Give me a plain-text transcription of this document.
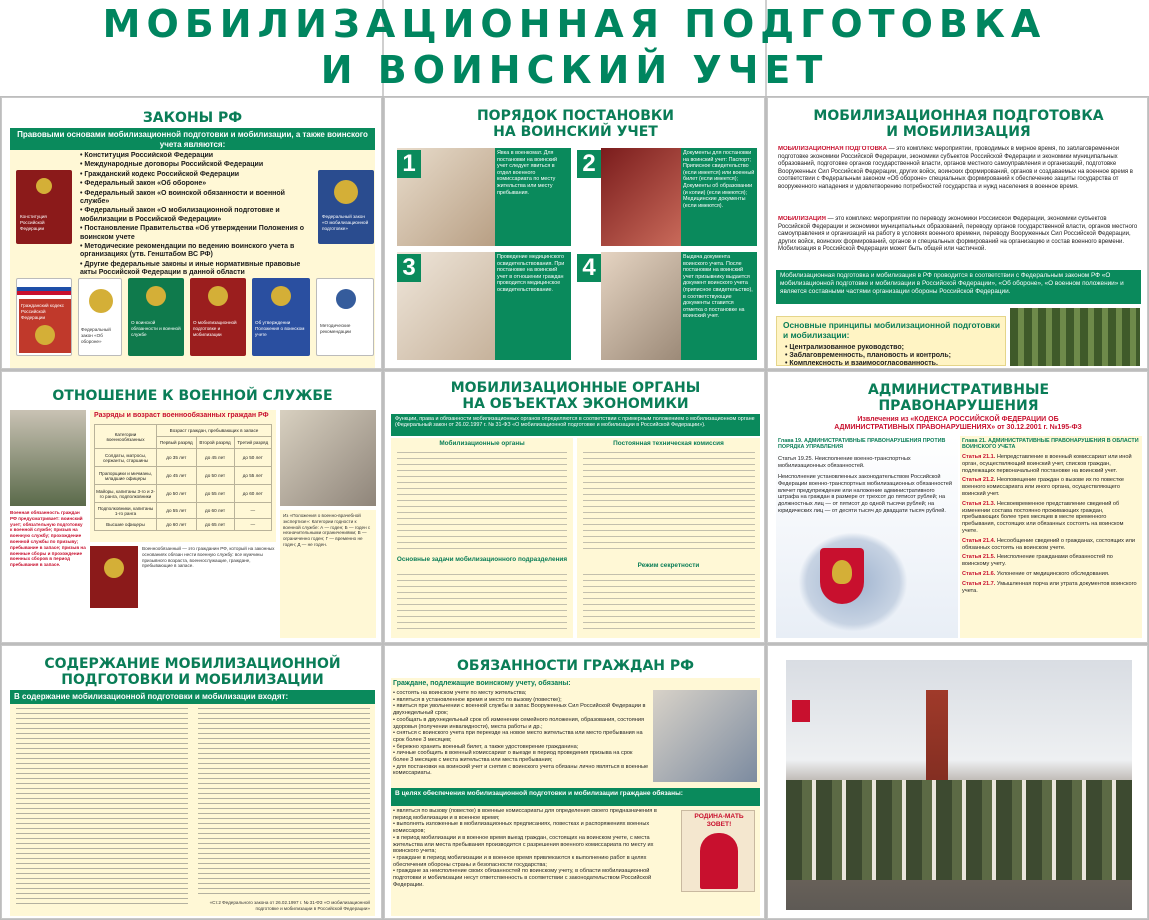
МОБИЛИЗАЦИОННАЯ ПОДГОТОВКА
И ВОИНСКИЙ УЧЕТ
ЗАКОНЫ РФ
Правовыми основами мобилизационной подготовки и мобилизации, а также воинского учета являются:
• Конституция Российской Федерации
• Международные договоры Российской Федерации
• Гражданский кодекс Российской Федерации
• Федеральный закон «Об обороне»
• Федеральный закон «О воинской обязанности и военной службе»
• Федеральный закон «О мобилизационной подготовке и мобилизации в Российской Федерации»
• Постановление Правительства «Об утверждении Положения о воинском учете
• Методические рекомендации по ведению воинского учета в организациях (утв. Генштабом ВС РФ)
• Другие федеральные законы и иные нормативные правовые акты Российской Федерации в данной области
Конституция Российской Федерации
Федеральный закон «О мобилизационной подготовке»
Гражданский кодекс Российской Федерации
Федеральный закон «Об обороне»
О воинской обязанности и военной службе
О мобилизационной подготовке и мобилизации
Об утверждении Положения о воинском учете
Методические рекомендации
ПОРЯДОК ПОСТАНОВКИ
НА ВОИНСКИЙ УЧЕТ
1	Явка в военкомат. Для постановки на воинский учет следует явиться в отдел военного комиссариата по месту жительства или месту пребывания.
2	Документы для постановки на воинский учет: Паспорт; Приписное свидетельство (если имеется) или военный билет (если имеется); Документы об образовании (и копии) (если имеются); Медицинские документы (если имеются).
3	Проведение медицинского освидетельствования. При постановке на воинский учет в отношении граждан проводится медицинское освидетельствование.
4	Выдача документа воинского учета. После постановки на воинский учет призывнику выдается документ воинского учета (приписное свидетельство), в соответствующие документы ставится отметка о постановке на воинский учет.
МОБИЛИЗАЦИОННАЯ ПОДГОТОВКА
И МОБИЛИЗАЦИЯ
МОБИЛИЗАЦИОННАЯ ПОДГОТОВКА — это комплекс мероприятий, проводимых в мирное время, по заблаговременной подготовке экономики Российской Федерации, экономики субъектов Российской Федерации и экономики муниципальных образований, подготовке органов государственной власти, органов местного самоуправления и организаций, подготовке Вооруженных Сил Российской Федерации, других войск, воинских формирований, органов и создаваемых на военное время в соответствии с Федеральным законом «Об обороне» специальных формирований к обеспечению защиты государства от вооруженного нападения и удовлетворению потребностей государства и нужд населения в военное время.
МОБИЛИЗАЦИЯ — это комплекс мероприятий по переводу экономики Российской Федерации, экономики субъектов Российской Федерации и экономики муниципальных образований, переводу органов государственной власти, органов местного самоуправления и организаций на работу в условиях военного времени, переводу Вооруженных Сил Российской Федерации, других войск, воинских формирований, органов и специальных формирований на организацию и состав военного времени. Мобилизация в Российской Федерации может быть общей или частичной.
Мобилизационная подготовка и мобилизация в РФ проводится в соответствии с Федеральным законом РФ «О мобилизационной подготовке и мобилизации в Российской Федерации», «Об обороне», «О военном положении» и является составными частями организации обороны Российской Федерации.
Основные принципы мобилизационной подготовки и мобилизации:
• Централизованное руководство;
• Заблаговременность, плановость и контроль;
• Комплексность и взаимосогласованность.
ОТНОШЕНИЕ К ВОЕННОЙ СЛУЖБЕ
Разряды и возраст военнообязанных граждан РФ
Категории военнообязанных	Возраст граждан, пребывающих в запасе		
	Первый разряд	Второй разряд	Третий разряд
Солдаты, матросы, сержанты, старшины	до 35 лет	до 45 лет	до 50 лет
Прапорщики и мичманы, младшие офицеры	до 45 лет	до 50 лет	до 55 лет
Майоры, капитаны 3-го и 2-го ранга, подполковники	до 50 лет	до 55 лет	до 60 лет
Подполковники, капитаны 1-го ранга	до 55 лет	до 60 лет	—
Высшие офицеры	до 60 лет	до 65 лет	—
Военная обязанность граждан РФ предусматривает: воинский учет; обязательную подготовку к военной службе; призыв на военную службу; прохождение военной службы по призыву; пребывание в запасе; призыв на военные сборы и прохождение военных сборов в период пребывания в запасе.
Военнообязанный — это гражданин РФ, который на законных основаниях обязан нести военную службу: все мужчины призывного возраста, военнослужащие, граждане, пребывающие в запасе.
Из «Положения о военно-врачебной экспертизе»: Категории годности к военной службе: А — годен; Б — годен с незначительными ограничениями; В — ограниченно годен; Г — временно не годен; Д — не годен.
МОБИЛИЗАЦИОННЫЕ ОРГАНЫ
НА ОБЪЕКТАХ ЭКОНОМИКИ
Функции, права и обязанности мобилизационных органов определяются в соответствии с примерным положением о мобилизационном органе (Федеральный закон от 26.02.1997 г. № 31-ФЗ «О мобилизационной подготовке и мобилизации в Российской Федерации»).
Мобилизационные органы	Постоянная техническая комиссия
Основные задачи мобилизационного подразделения
Режим секретности
АДМИНИСТРАТИВНЫЕ
ПРАВОНАРУШЕНИЯ
Извлечения из «КОДЕКСА РОССИЙСКОЙ ФЕДЕРАЦИИ ОБ АДМИНИСТРАТИВНЫХ ПРАВОНАРУШЕНИЯХ» от 30.12.2001 г. №195-ФЗ
Глава 19. АДМИНИСТРАТИВНЫЕ ПРАВОНАРУШЕНИЯ ПРОТИВ ПОРЯДКА УПРАВЛЕНИЯ
Глава 21. АДМИНИСТРАТИВНЫЕ ПРАВОНАРУШЕНИЯ В ОБЛАСТИ ВОИНСКОГО УЧЕТА
Статья 19.25. Неисполнение военно-транспортных мобилизационных обязанностей.
Неисполнение установленных законодательством Российской Федерации военно-транспортных мобилизационных обязанностей влечет предупреждение или наложение административного штрафа на граждан в размере от трехсот до пятисот рублей; на должностных лиц — от пятисот до одной тысячи рублей; на юридических лиц — от десяти тысяч до двадцати тысяч рублей.
Статья 21.1. Непредставление в военный комиссариат или иной орган, осуществляющий воинский учет, списков граждан, подлежащих первоначальной постановке на воинский учет.
Статья 21.2. Неоповещение граждан о вызове их по повестке военного комиссариата или иного органа, осуществляющего воинский учет.
Статья 21.3. Несвоевременное представление сведений об изменении состава постоянно проживающих граждан, пребывающих более трех месяцев в месте временного пребывания, состоящих или обязанных состоять на воинском учете.
Статья 21.4. Несообщение сведений о гражданах, состоящих или обязанных состоять на воинском учете.
Статья 21.5. Неисполнение гражданами обязанностей по воинскому учету.
Статья 21.6. Уклонение от медицинского обследования.
Статья 21.7. Умышленная порча или утрата документов воинского учета.
СОДЕРЖАНИЕ МОБИЛИЗАЦИОННОЙ
ПОДГОТОВКИ И МОБИЛИЗАЦИИ
В содержание мобилизационной подготовки и мобилизации входят:
«Ст.2 Федерального закона от 26.02.1997 г. № 31-ФЗ «О мобилизационной подготовке и мобилизации в Российской Федерации»
ОБЯЗАННОСТИ ГРАЖДАН РФ
Граждане, подлежащие воинскому учету, обязаны:
• состоять на воинском учете по месту жительства;
• являться в установленное время и место по вызову (повестке);
• явиться при увольнении с военной службы в запас Вооруженных Сил Российской Федерации в двухнедельный срок;
• сообщать в двухнедельный срок об изменении семейного положения, образования, состояния здоровья (получении инвалидности), места работы и др.;
• сняться с воинского учета при переезде на новое место жительства или место пребывания на срок более 3 месяцев;
• бережно хранить военный билет, а также удостоверение гражданина;
• личные сообщить в военный комиссариат о выезде в период проведения призыва на срок более 3 месяцев с места жительства или места пребывания;
• для постановки на воинский учет и снятия с воинского учета обязаны лично являться в военные комиссариаты.
В целях обеспечения мобилизационной подготовки и мобилизации граждане обязаны:
• являться по вызову (повестке) в военные комиссариаты для определения своего предназначения в период мобилизации и в военное время;
• выполнять изложенные в мобилизационных предписаниях, повестках и распоряжениях военных комиссаров;
• в период мобилизации и в военное время выезд граждан, состоящих на воинском учете, с места жительства или места пребывания производится с разрешения военного комиссариата по месту их воинского учета;
• граждане в период мобилизации и в военное время привлекаются к выполнению работ в целях обеспечения обороны страны и безопасности государства;
• граждане за неисполнение своих обязанностей по воинскому учету, в области мобилизационной подготовки и мобилизации несут ответственность в соответствии с законодательством Российской Федерации.
РОДИНА-МАТЬ ЗОВЕТ!
